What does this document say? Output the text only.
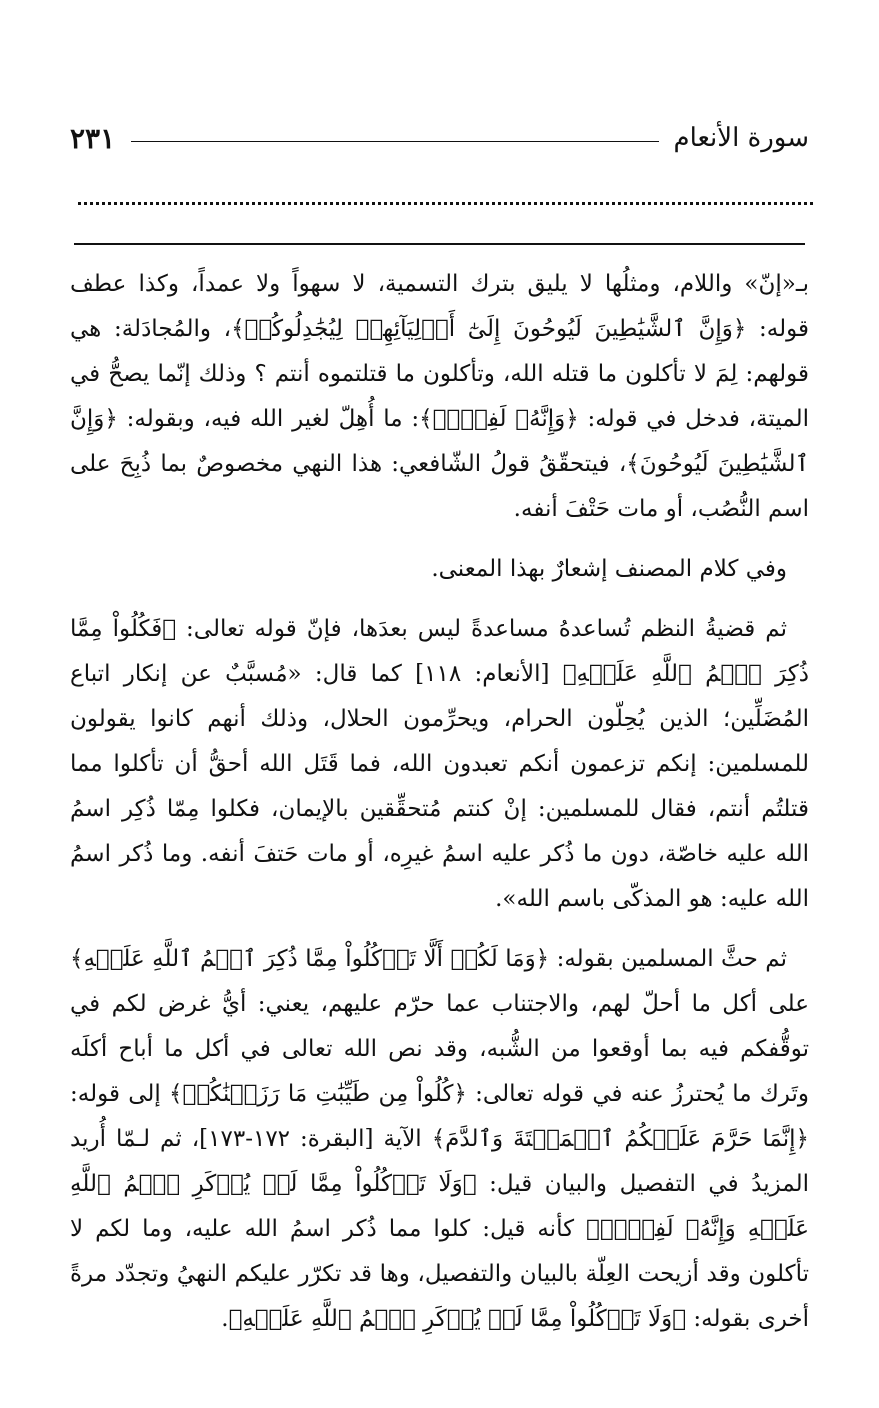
سورة الأنعام
٢٣١

بـ«إنّ» واللام، ومثلُها لا يليق بترك التسمية، لا سهواً ولا عمداً، وكذا عطف قوله: ﴿وَإِنَّ ٱلشَّيَٰطِينَ لَيُوحُونَ إِلَىٰٓ أَوۡلِيَآئِهِمۡ لِيُجَٰدِلُوكُمۡ﴾، والمُجادَلة: هي قولهم: لِمَ لا تأكلون ما قتله الله، وتأكلون ما قتلتموه أنتم ؟ وذلك إنّما يصحُّ في الميتة، فدخل في قوله: ﴿وَإِنَّهُۥ لَفِسۡقٞ﴾: ما أُهِلّ لغير الله فيه، وبقوله: ﴿وَإِنَّ ٱلشَّيَٰطِينَ لَيُوحُونَ﴾، فيتحقّقُ قولُ الشّافعي: هذا النهي مخصوصٌ بما ذُبِحَ على اسم النُّصُب، أو مات حَتْفَ أنفه.

وفي كلام المصنف إشعارٌ بهذا المعنى.

ثم قضيةُ النظم تُساعدهُ مساعدةً ليس بعدَها، فإنّ قوله تعالى: ﴿فَكُلُواْ مِمَّا ذُكِرَ ٱسۡمُ ٱللَّهِ عَلَيۡهِ﴾ [الأنعام: ١١٨] كما قال: «مُسبَّبٌ عن إنكار اتباع المُضَلِّين؛ الذين يُحِلّون الحرام، ويحرِّمون الحلال، وذلك أنهم كانوا يقولون للمسلمين: إنكم تزعمون أنكم تعبدون الله، فما قَتَل الله أحقُّ أن تأكلوا مما قتلتُم أنتم، فقال للمسلمين: إنْ كنتم مُتحقِّقين بالإيمان، فكلوا مِمّا ذُكِر اسمُ الله عليه خاصّة، دون ما ذُكر عليه اسمُ غيرِه، أو مات حَتفَ أنفه. وما ذُكر اسمُ الله عليه: هو المذكّى باسم الله».

ثم حثَّ المسلمين بقوله: ﴿وَمَا لَكُمۡ أَلَّا تَأۡكُلُواْ مِمَّا ذُكِرَ ٱسۡمُ ٱللَّهِ عَلَيۡهِ﴾ على أكل ما أحلّ لهم، والاجتناب عما حرّم عليهم، يعني: أيُّ غرض لكم في توقُّفكم فيه بما أوقعوا من الشُّبه، وقد نص الله تعالى في أكل ما أباح أكلَه وتَرك ما يُحترزُ عنه في قوله تعالى: ﴿كُلُواْ مِن طَيِّبَٰتِ مَا رَزَقۡنَٰكُمۡ﴾ إلى قوله: ﴿إِنَّمَا حَرَّمَ عَلَيۡكُمُ ٱلۡمَيۡتَةَ وَٱلدَّمَ﴾ الآية [البقرة: ١٧٢-١٧٣]، ثم لـمّا أُريد المزيدُ في التفصيل والبيان قيل: ﴿وَلَا تَأۡكُلُواْ مِمَّا لَمۡ يُذۡكَرِ ٱسۡمُ ٱللَّهِ عَلَيۡهِ وَإِنَّهُۥ لَفِسۡقٞ﴾ كأنه قيل: كلوا مما ذُكر اسمُ الله عليه، وما لكم لا تأكلون وقد أزيحت العِلّة بالبيان والتفصيل، وها قد تكرّر عليكم النهيُ وتجدّد مرةً أخرى بقوله: ﴿وَلَا تَأۡكُلُواْ مِمَّا لَمۡ يُذۡكَرِ ٱسۡمُ ٱللَّهِ عَلَيۡهِ﴾.
